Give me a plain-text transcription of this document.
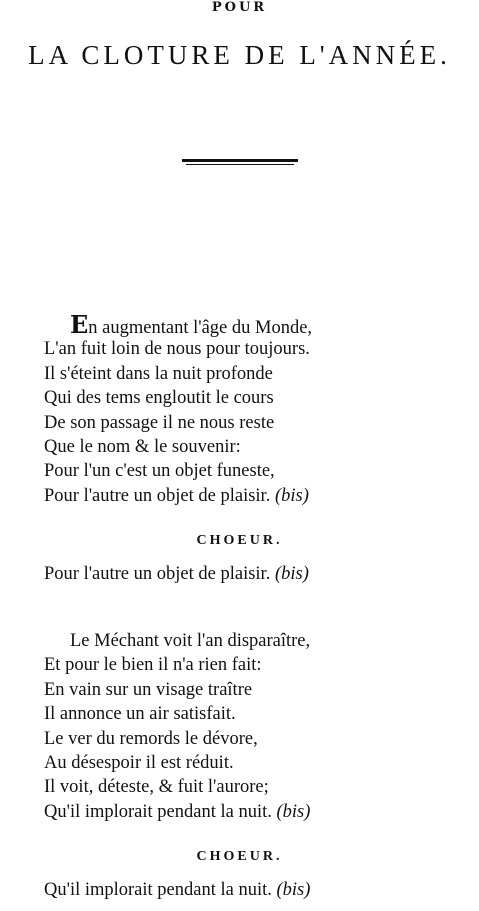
POUR
LA CLOTURE DE L'ANNÉE.
En augmentant l'âge du Monde,
L'an fuit loin de nous pour toujours.
Il s'éteint dans la nuit profonde
Qui des tems engloutit le cours
De son passage il ne nous reste
Que le nom & le souvenir:
Pour l'un c'est un objet funeste,
Pour l'autre un objet de plaisir. (bis)
CHOEUR.
Pour l'autre un objet de plaisir. (bis)
Le Méchant voit l'an disparaître,
Et pour le bien il n'a rien fait:
En vain sur un visage traître
Il annonce un air satisfait.
Le ver du remords le dévore,
Au désespoir il est réduit.
Il voit, déteste, & fuit l'aurore;
Qu'il implorait pendant la nuit. (bis)
CHOEUR.
Qu'il implorait pendant la nuit. (bis)
